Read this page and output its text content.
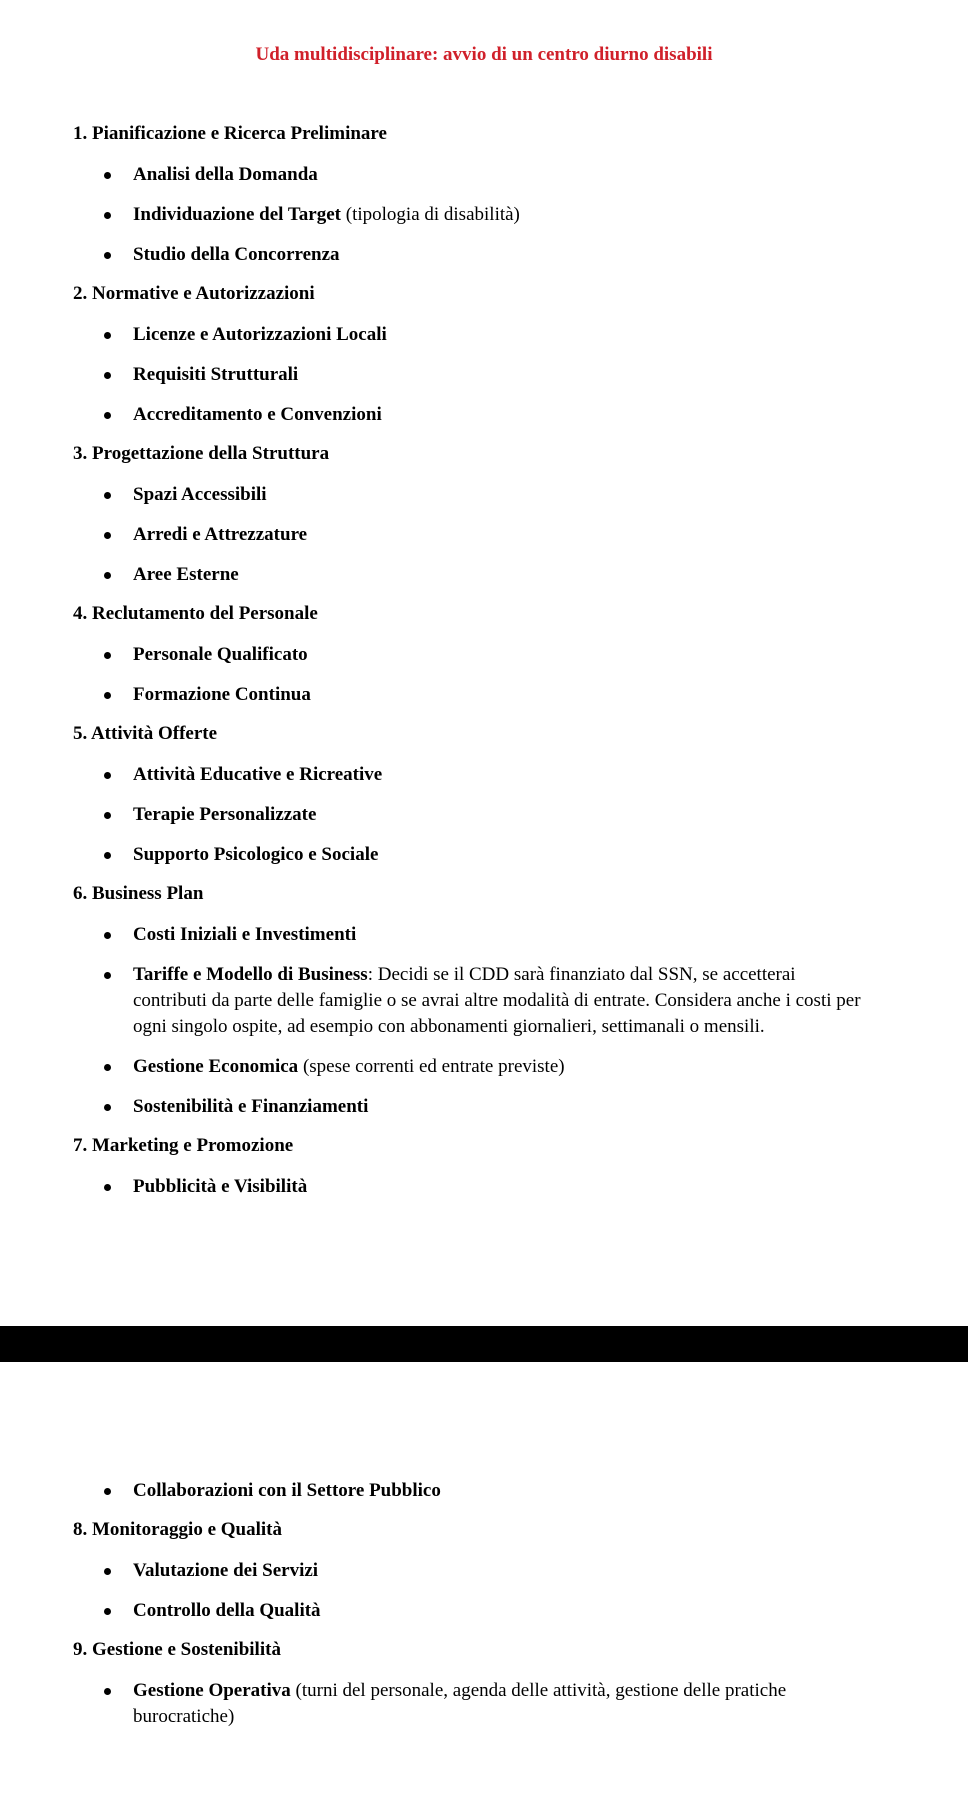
Uda multidisciplinare: avvio di un centro diurno disabili
1. Pianificazione e Ricerca Preliminare
Analisi della Domanda
Individuazione del Target (tipologia di disabilità)
Studio della Concorrenza
2. Normative e Autorizzazioni
Licenze e Autorizzazioni Locali
Requisiti Strutturali
Accreditamento e Convenzioni
3. Progettazione della Struttura
Spazi Accessibili
Arredi e Attrezzature
Aree Esterne
4. Reclutamento del Personale
Personale Qualificato
Formazione Continua
5. Attività Offerte
Attività Educative e Ricreative
Terapie Personalizzate
Supporto Psicologico e Sociale
6. Business Plan
Costi Iniziali e Investimenti
Tariffe e Modello di Business: Decidi se il CDD sarà finanziato dal SSN, se accetterai contributi da parte delle famiglie o se avrai altre modalità di entrate. Considera anche i costi per ogni singolo ospite, ad esempio con abbonamenti giornalieri, settimanali o mensili.
Gestione Economica (spese correnti ed entrate previste)
Sostenibilità e Finanziamenti
7. Marketing e Promozione
Pubblicità e Visibilità
Collaborazioni con il Settore Pubblico
8. Monitoraggio e Qualità
Valutazione dei Servizi
Controllo della Qualità
9. Gestione e Sostenibilità
Gestione Operativa (turni del personale, agenda delle attività, gestione delle pratiche burocratiche)
